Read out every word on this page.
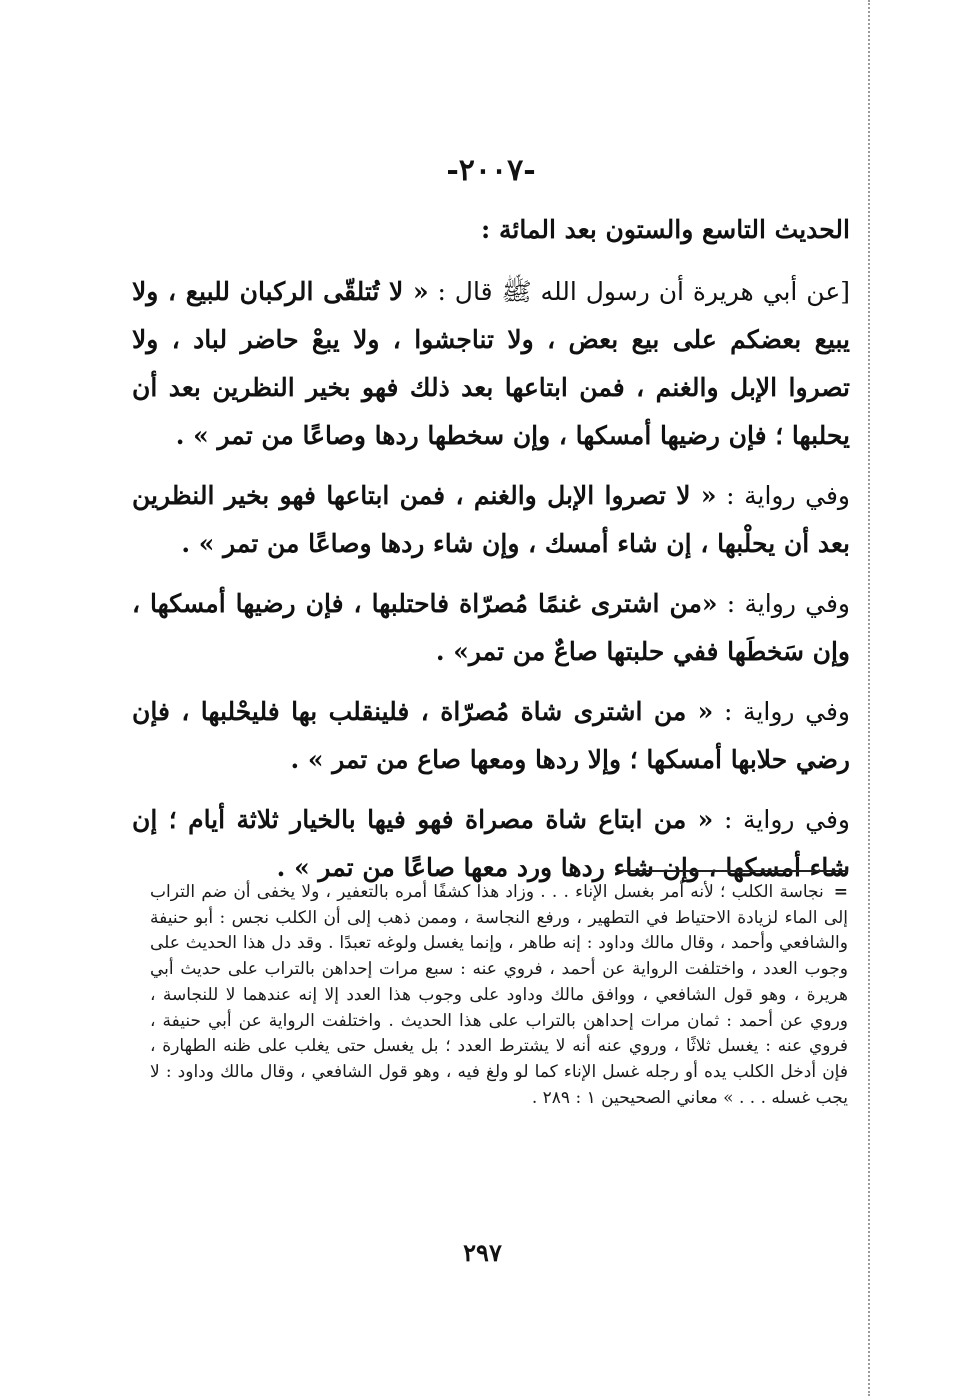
-٢٠٠٧-
الحديث التاسع والستون بعد المائة :

[عن أبي هريرة أن رسول الله ﷺ قال : « لا تُتلقّى الركبان للبيع ، ولا يبيع بعضكم على بيع بعض ، ولا تناجشوا ، ولا يبعْ حاضر لباد ، ولا تصروا الإبل والغنم ، فمن ابتاعها بعد ذلك فهو بخير النظرين بعد أن يحلبها ؛ فإن رضيها أمسكها ، وإن سخطها ردها وصاعًا من تمر » .

وفي رواية : « لا تصروا الإبل والغنم ، فمن ابتاعها فهو بخير النظرين بعد أن يحلْبها ، إن شاء أمسك ، وإن شاء ردها وصاعًا من تمر » .

وفي رواية : «من اشترى غنمًا مُصرّاة فاحتلبها ، فإن رضيها أمسكها ، وإن سَخطَها ففي حلبتها صاعٌ من تمر» .

وفي رواية : « من اشترى شاة مُصرّاة ، فلينقلب بها فليحْلبها ، فإن رضي حلابها أمسكها ؛ وإلا ردها ومعها صاع من تمر » .

وفي رواية : « من ابتاع شاة مصراة فهو فيها بالخيار ثلاثة أيام ؛ إن شاء أمسكها ، وإن شاء ردها ورد معها صاعًا من تمر » .

=نجاسة الكلب ؛ لأنه أمر بغسل الإناء . . . وزاد هذا كشفًا أمره بالتعفير ، ولا يخفى أن ضم التراب إلى الماء لزيادة الاحتياط في التطهير ، ورفع النجاسة ، وممن ذهب إلى أن الكلب نجس : أبو حنيفة والشافعي وأحمد ، وقال مالك وداود : إنه طاهر ، وإنما يغسل ولوغه تعبدًا . وقد دل هذا الحديث على وجوب العدد ، واختلفت الرواية عن أحمد ، فروي عنه : سبع مرات إحداهن بالتراب على حديث أبي هريرة ، وهو قول الشافعي ، ووافق مالك وداود على وجوب هذا العدد إلا إنه عندهما لا للنجاسة ، وروي عن أحمد : ثمان مرات إحداهن بالتراب على هذا الحديث . واختلفت الرواية عن أبي حنيفة ، فروي عنه : يغسل ثلاثًا ، وروي عنه أنه لا يشترط العدد ؛ بل يغسل حتى يغلب على ظنه الطهارة ، فإن أدخل الكلب يده أو رجله غسل الإناء كما لو ولغ فيه ، وهو قول الشافعي ، وقال مالك وداود : لا يجب غسله . . . » معاني الصحيحين ١ : ٢٨٩ .
٢٩٧
